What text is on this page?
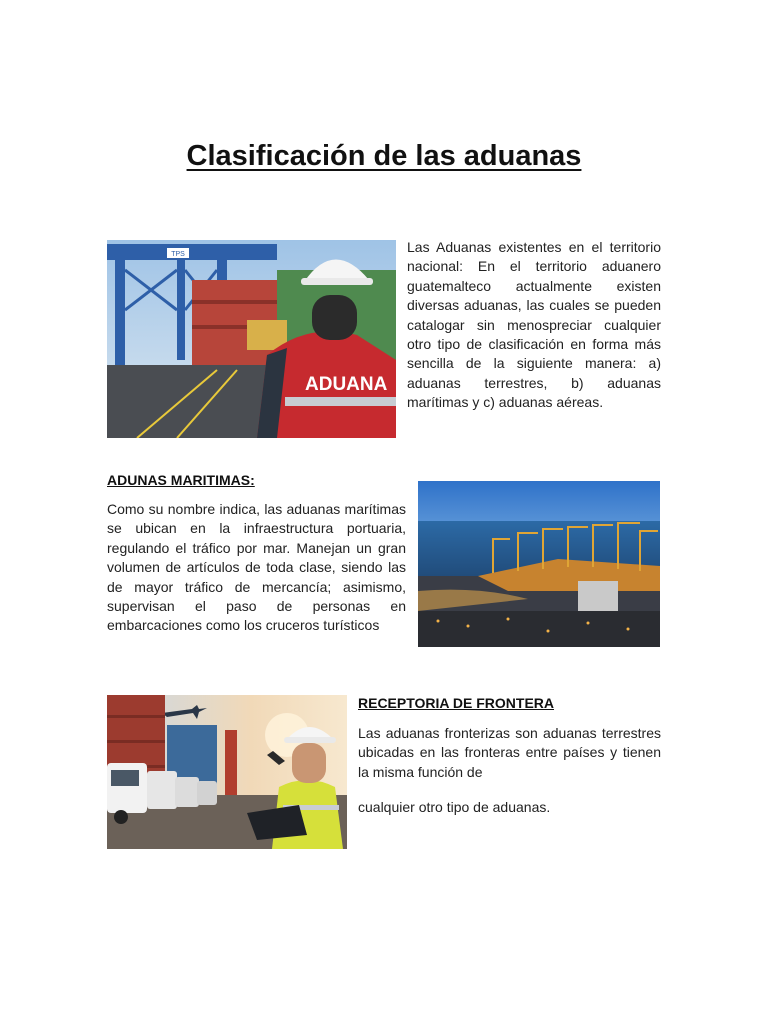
Clasificación de las aduanas
TPS
ADUANA

Las Aduanas existentes en el territorio nacional: En el territorio aduanero guatemalteco actualmente existen diversas aduanas, las cuales se pueden catalogar sin menospreciar cualquier otro tipo de clasificación en forma más sencilla de la siguiente manera: a) aduanas terrestres, b) aduanas marítimas y c) aduanas aéreas.

ADUNAS MARITIMAS:

Como su nombre indica, las aduanas marítimas se ubican en la infraestructura portuaria, regulando el tráfico por mar. Manejan un gran volumen de artículos de toda clase, siendo las de mayor tráfico de mercancía; asimismo, supervisan el paso de personas en embarcaciones como los cruceros turísticos

RECEPTORIA DE FRONTERA

Las aduanas fronterizas son aduanas terrestres ubicadas en las fronteras entre países y tienen la misma función de

cualquier otro tipo de aduanas.
